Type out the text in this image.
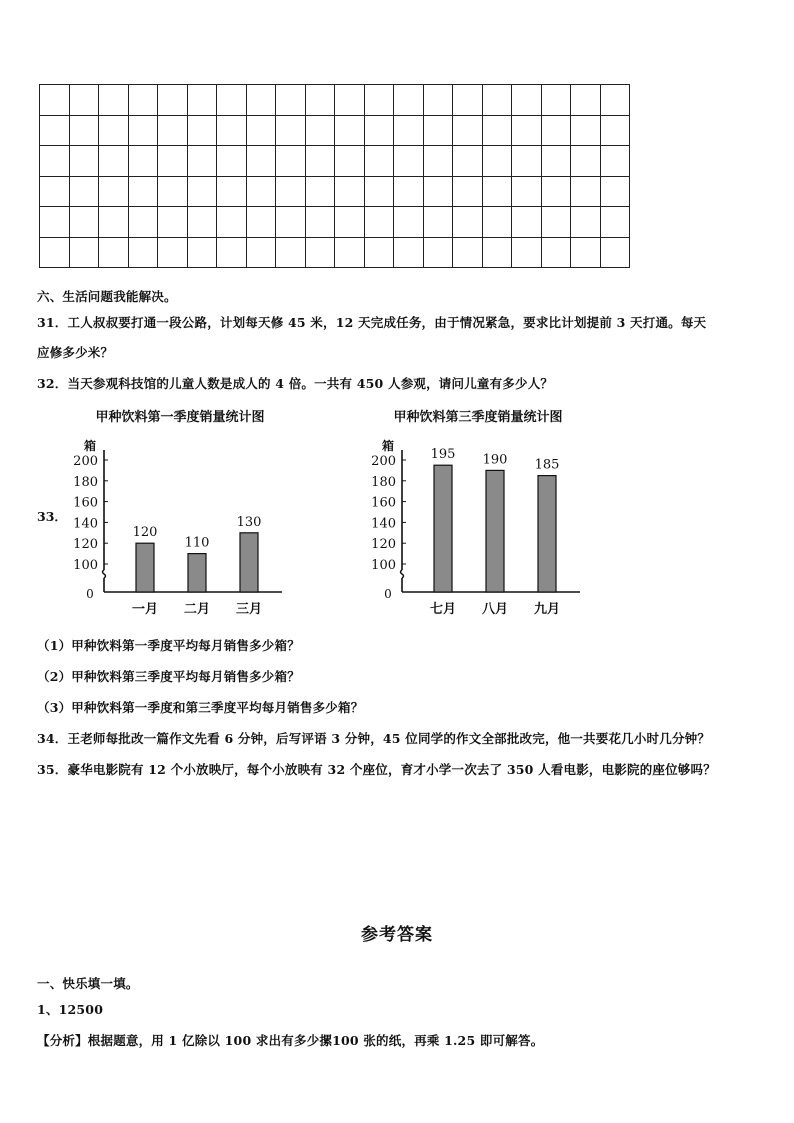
六、生活问题我能解决。
31．工人叔叔要打通一段公路，计划每天修 45 米，12 天完成任务，由于情况紧急，要求比计划提前 3 天打通。每天
应修多少米？
32．当天参观科技馆的儿童人数是成人的 4 倍。一共有 450 人参观，请问儿童有多少人？
33．
甲种饮料第一季度销量统计图
箱
0
100
120
140
160
180
200
120
一月
110
二月
130
三月
甲种饮料第三季度销量统计图
箱
0
100
120
140
160
180
200	195
七月
190
八月
185
九月
（1）甲种饮料第一季度平均每月销售多少箱？
（2）甲种饮料第三季度平均每月销售多少箱？
（3）甲种饮料第一季度和第三季度平均每月销售多少箱？
34．王老师每批改一篇作文先看 6 分钟，后写评语 3 分钟，45 位同学的作文全部批改完，他一共要花几小时几分钟？
35．豪华电影院有 12 个小放映厅，每个小放映有 32 个座位，育才小学一次去了 350 人看电影，电影院的座位够吗？
参考答案
一、快乐填一填。
1、12500
【分析】根据题意，用 1 亿除以 100 求出有多少摞100 张的纸，再乘 1.25 即可解答。
